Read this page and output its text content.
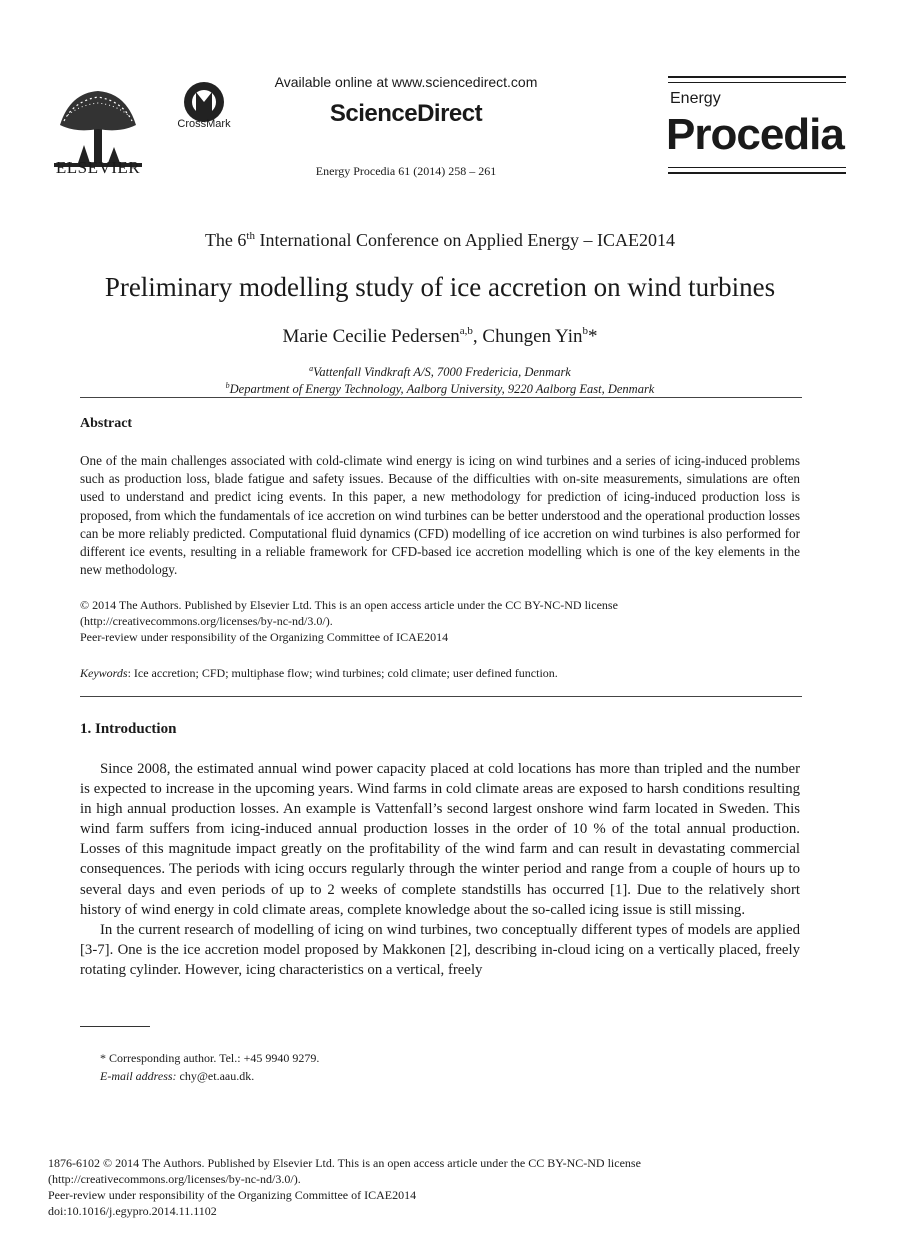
ELSEVIER
CrossMark
Available online at www.sciencedirect.com
ScienceDirect
Energy Procedia 61 (2014) 258 – 261
Energy
Procedia
The 6th International Conference on Applied Energy – ICAE2014
Preliminary modelling study of ice accretion on wind turbines
Marie Cecilie Pedersen$^{a,b}$, Chungen Yin$^b$*
$^a$Vattenfall Vindkraft A/S, 7000 Fredericia, Denmark
$^b$Department of Energy Technology, Aalborg University, 9220 Aalborg East, Denmark
Abstract
One of the main challenges associated with cold-climate wind energy is icing on wind turbines and a series of icing-induced problems such as production loss, blade fatigue and safety issues. Because of the difficulties with on-site measurements, simulations are often used to understand and predict icing events. In this paper, a new methodology for prediction of icing-induced production loss is proposed, from which the fundamentals of ice accretion on wind turbines can be better understood and the operational production losses can be more reliably predicted. Computational fluid dynamics (CFD) modelling of ice accretion on wind turbines is also performed for different ice events, resulting in a reliable framework for CFD-based ice accretion modelling which is one of the key elements in the new methodology.
© 2014 The Authors. Published by Elsevier Ltd. This is an open access article under the CC BY-NC-ND license
(http://creativecommons.org/licenses/by-nc-nd/3.0/).
Peer-review under responsibility of the Organizing Committee of ICAE2014
Keywords: Ice accretion; CFD; multiphase flow; wind turbines; cold climate; user defined function.
1. Introduction

Since 2008, the estimated annual wind power capacity placed at cold locations has more than tripled and the number is expected to increase in the upcoming years. Wind farms in cold climate areas are exposed to harsh conditions resulting in high annual production losses. An example is Vattenfall’s second largest onshore wind farm located in Sweden. This wind farm suffers from icing-induced annual production losses in the order of 10 % of the total annual production. Losses of this magnitude impact greatly on the profitability of the wind farm and can result in devastating commercial consequences. The periods with icing occurs regularly through the winter period and range from a couple of hours up to several days and even periods of up to 2 weeks of complete standstills has occurred [1]. Due to the relatively short history of wind energy in cold climate areas, complete knowledge about the so-called icing issue is still missing.

In the current research of modelling of icing on wind turbines, two conceptually different types of models are applied [3-7]. One is the ice accretion model proposed by Makkonen [2], describing in-cloud icing on a vertically placed, freely rotating cylinder. However, icing characteristics on a vertical, freely

* Corresponding author. Tel.: +45 9940 9279.
E-mail address: chy@et.aau.dk.
1876-6102 © 2014 The Authors. Published by Elsevier Ltd. This is an open access article under the CC BY-NC-ND license
(http://creativecommons.org/licenses/by-nc-nd/3.0/).
Peer-review under responsibility of the Organizing Committee of ICAE2014
doi:10.1016/j.egypro.2014.11.1102
